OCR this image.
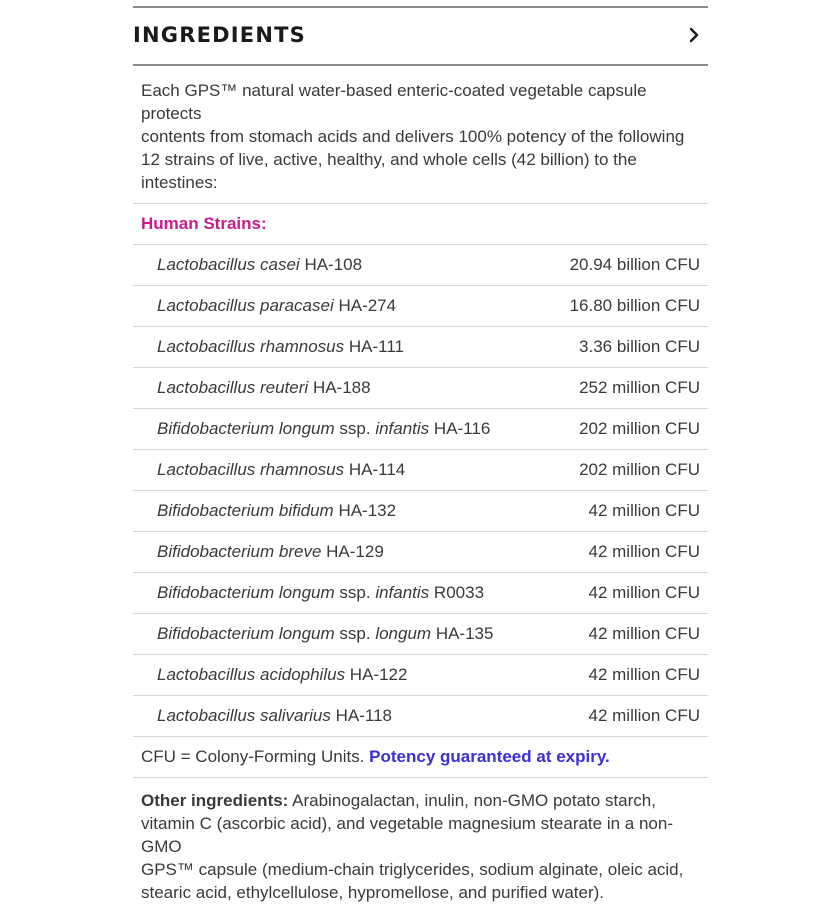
INGREDIENTS
Each GPS™ natural water-based enteric-coated vegetable capsule protects
contents from stomach acids and delivers 100% potency of the following
12 strains of live, active, healthy, and whole cells (42 billion) to the intestines:
Human Strains:
Lactobacillus casei HA-108	20.94 billion CFU
Lactobacillus paracasei HA-274	16.80 billion CFU
Lactobacillus rhamnosus HA-111	3.36 billion CFU
Lactobacillus reuteri HA-188	252 million CFU
Bifidobacterium longum ssp. infantis HA-116	202 million CFU
Lactobacillus rhamnosus HA-114	202 million CFU
Bifidobacterium bifidum HA-132	42 million CFU
Bifidobacterium breve HA-129	42 million CFU
Bifidobacterium longum ssp. infantis R0033	42 million CFU
Bifidobacterium longum ssp. longum HA-135	42 million CFU
Lactobacillus acidophilus HA-122	42 million CFU
Lactobacillus salivarius HA-118	42 million CFU
CFU = Colony-Forming Units. Potency guaranteed at expiry.
Other ingredients: Arabinogalactan, inulin, non-GMO potato starch,
vitamin C (ascorbic acid), and vegetable magnesium stearate in a non-GMO
GPS™ capsule (medium-chain triglycerides, sodium alginate, oleic acid,
stearic acid, ethylcellulose, hypromellose, and purified water).
